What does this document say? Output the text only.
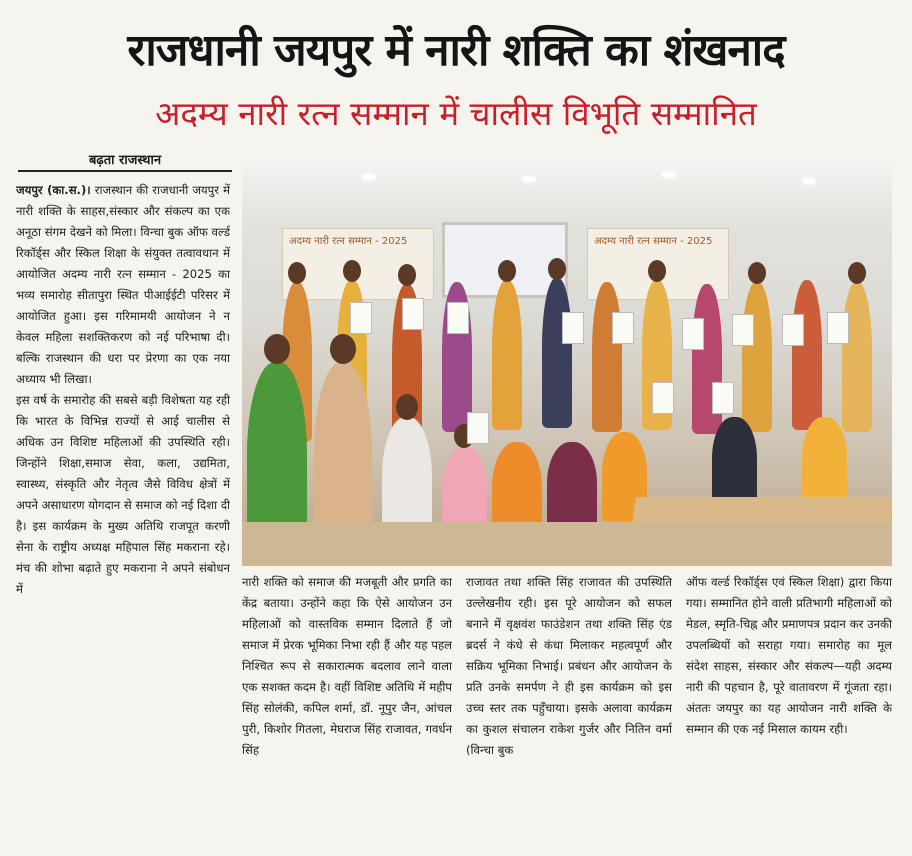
राजधानी जयपुर में नारी शक्ति का शंखनाद
अदम्य नारी रत्न सम्मान में चालीस विभूति सम्मानित
बढ़ता राजस्थान

जयपुर (का.स.)। राजस्थान की राजधानी जयपुर में नारी शक्ति के साहस,संस्कार और संकल्प का एक अनूठा संगम देखने को मिला। विन्चा बुक ऑफ वर्ल्ड रिकॉर्ड्स और स्किल शिक्षा के संयुक्त तत्वावधान में आयोजित अदम्य नारी रत्न सम्मान - 2025 का भव्य समारोह सीतापुरा स्थित पीआईईटी परिसर में आयोजित हुआ। इस गरिमामयी आयोजन ने न केवल महिला सशक्तिकरण को नई परिभाषा दी। बल्कि राजस्थान की धरा पर प्रेरणा का एक नया अध्याय भी लिखा।

इस वर्ष के समारोह की सबसे बड़ी विशेषता यह रही कि भारत के विभिन्न राज्यों से आई चालीस से अधिक उन विशिष्ट महिलाओं की उपस्थिति रही। जिन्होंने शिक्षा,समाज सेवा, कला, उद्यमिता, स्वास्थ्य, संस्कृति और नेतृत्व जैसे विविध क्षेत्रों में अपने असाधारण योगदान से समाज को नई दिशा दी है। इस कार्यक्रम के मुख्य अतिथि राजपूत करणी सेना के राष्ट्रीय अध्यक्ष महिपाल सिंह मकराना रहे। मंच की शोभा बढ़ाते हुए मकराना ने अपने संबोधन में

अदम्य नारी रत्न सम्मान - 2025	अदम्य नारी रत्न सम्मान - 2025

नारी शक्ति को समाज की मजबूती और प्रगति का केंद्र बताया। उन्होंने कहा कि ऐसे आयोजन उन महिलाओं को वास्तविक सम्मान दिलाते हैं जो समाज में प्रेरक भूमिका निभा रही हैं और यह पहल निश्चित रूप से सकारात्मक बदलाव लाने वाला एक सशक्त कदम है। वहीं विशिष्ट अतिथि में महीप सिंह सोलंकी, कपिल शर्मा, डॉ. नूपुर जैन, आंचल पुरी, किशोर गितला, मेघराज सिंह राजावत, गवर्धन सिंह

राजावत तथा शक्ति सिंह राजावत की उपस्थिति उल्लेखनीय रही। इस पूरे आयोजन को सफल बनाने में वृक्षवंश फाउंडेशन तथा शक्ति सिंह एंड ब्रदर्स ने कंधे से कंधा मिलाकर महत्वपूर्ण और सक्रिय भूमिका निभाई। प्रबंधन और आयोजन के प्रति उनके समर्पण ने ही इस कार्यक्रम को इस उच्च स्तर तक पहुँचाया। इसके अलावा कार्यक्रम का कुशल संचालन राकेश गुर्जर और नितिन वर्मा (विन्चा बुक

ऑफ वर्ल्ड रिकॉर्ड्स एवं स्किल शिक्षा) द्वारा किया गया। सम्मानित होने वाली प्रतिभागी महिलाओं को मेडल, स्मृति-चिह्न और प्रमाणपत्र प्रदान कर उनकी उपलब्धियों को सराहा गया। समारोह का मूल संदेश साहस, संस्कार और संकल्प—यही अदम्य नारी की पहचान है, पूरे वातावरण में गूंजता रहा। अंततः जयपुर का यह आयोजन नारी शक्ति के सम्मान की एक नई मिसाल कायम रही।
